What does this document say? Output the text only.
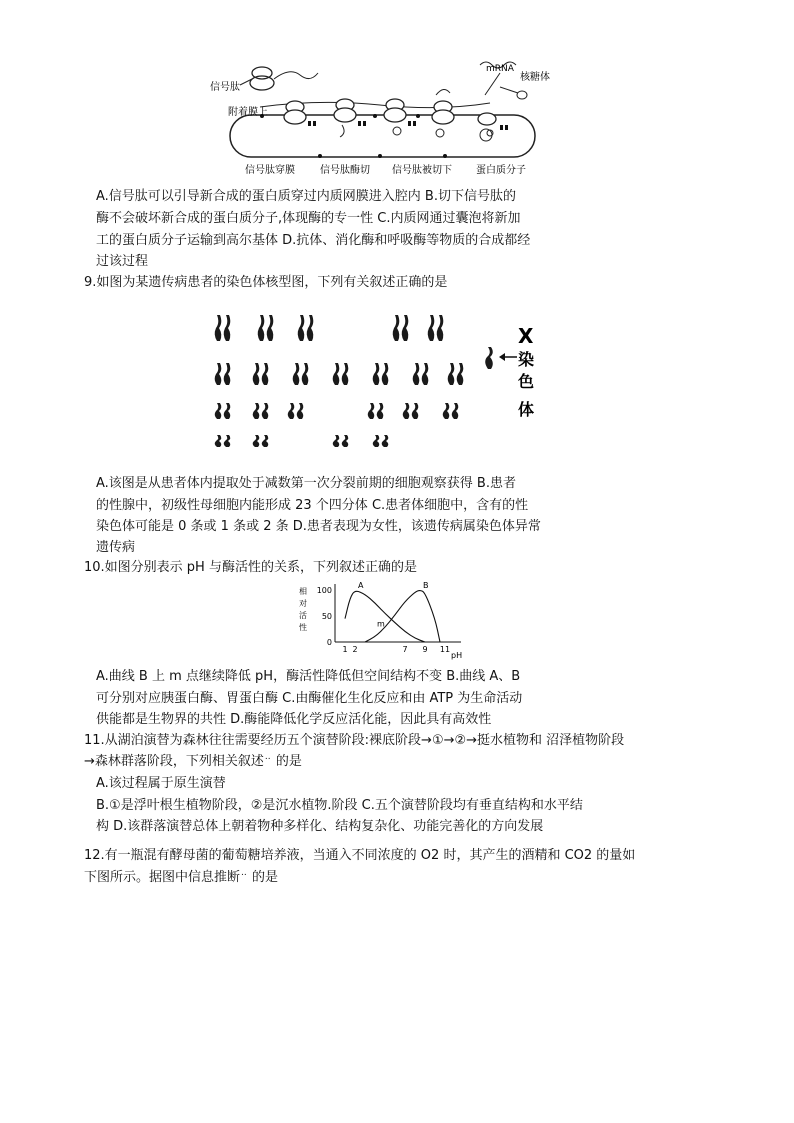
信号肽
附着膜上
mRNA
核糖体
信号肽穿膜	信号肽酶切 信号肽被切下 蛋白质分子
A.信号肽可以引导新合成的蛋白质穿过内质网膜进入腔内 B.切下信号肽的
酶不会破坏新合成的蛋白质分子,体现酶的专一性 C.内质网通过囊泡将新加
工的蛋白质分子运输到高尔基体 D.抗体、消化酶和呼吸酶等物质的合成都经
过该过程
9.如图为某遗传病患者的染色体核型图，下列有关叙述正确的是
X
染
色
体
A.该图是从患者体内提取处于减数第一次分裂前期的细胞观察获得 B.患者
的性腺中，初级性母细胞内能形成 23 个四分体 C.患者体细胞中，含有的性
染色体可能是 0 条或 1 条或 2 条 D.患者表现为女性，该遗传病属染色体异常
遗传病
10.如图分别表示 pH 与酶活性的关系，下列叙述正确的是
相
对
活
性
0
50
100
1 2	7 9 11
A	B
m
pH
A.曲线 B 上 m 点继续降低 pH，酶活性降低但空间结构不变 B.曲线 A、B
可分别对应胰蛋白酶、胃蛋白酶 C.由酶催化生化反应和由 ATP 为生命活动
供能都是生物界的共性 D.酶能降低化学反应活化能，因此具有高效性
11.从湖泊演替为森林往往需要经历五个演替阶段:裸底阶段→①→②→挺水植物和 沼泽植物阶段
→森林群落阶段，下列相关叙述 .. 的是
A.该过程属于原生演替
B.①是浮叶根生植物阶段，②是沉水植物.阶段 C.五个演替阶段均有垂直结构和水平结
构 D.该群落演替总体上朝着物种多样化、结构复杂化、功能完善化的方向发展
12.有一瓶混有酵母菌的葡萄糖培养液，当通入不同浓度的 O2 时，其产生的酒精和 CO2 的量如
下图所示。据图中信息推断 .. 的是
